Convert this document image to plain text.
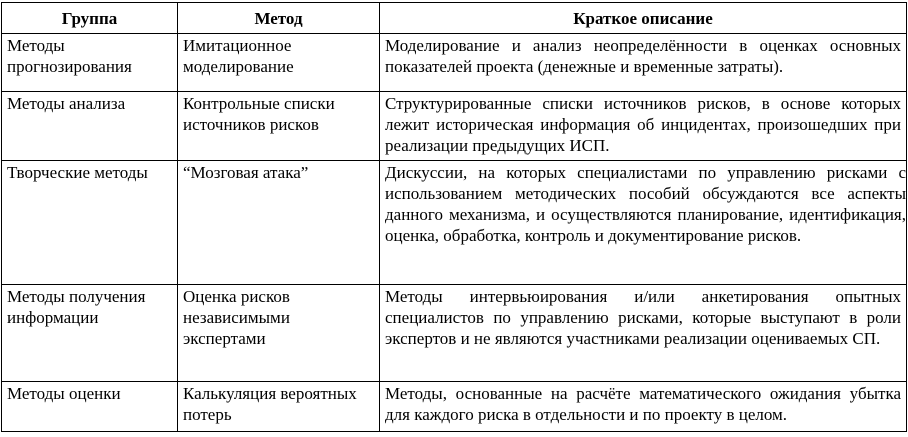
Группа	Метод	Краткое описание
Методы прогнозирования	Имитационное моделирование	Моделирование и анализ неопределённости в оценках основных показателей проекта (денежные и временные затраты).
Методы анализа	Контрольные списки источников рисков	Структурированные списки источников рисков, в основе которых лежит историческая информация об инцидентах, произошедших при реализации предыдущих ИСП.
Творческие методы	“Мозговая атака”	Дискуссии, на которых специалистами по управлению рисками с использованием методических пособий обсуждаются все аспекты данного механизма, и осуществляются планирование, идентификация, оценка, обработка, контроль и документирование рисков.
Методы получения информации	Оценка рисков независимыми экспертами	Методы интервьюирования и/или анкетирования опытных специалистов по управлению рисками, которые выступают в роли экспертов и не являются участниками реализации оцениваемых СП.
Методы оценки	Калькуляция вероятных потерь	Методы, основанные на расчёте математического ожидания убытка для каждого риска в отдельности и по проекту в целом.
